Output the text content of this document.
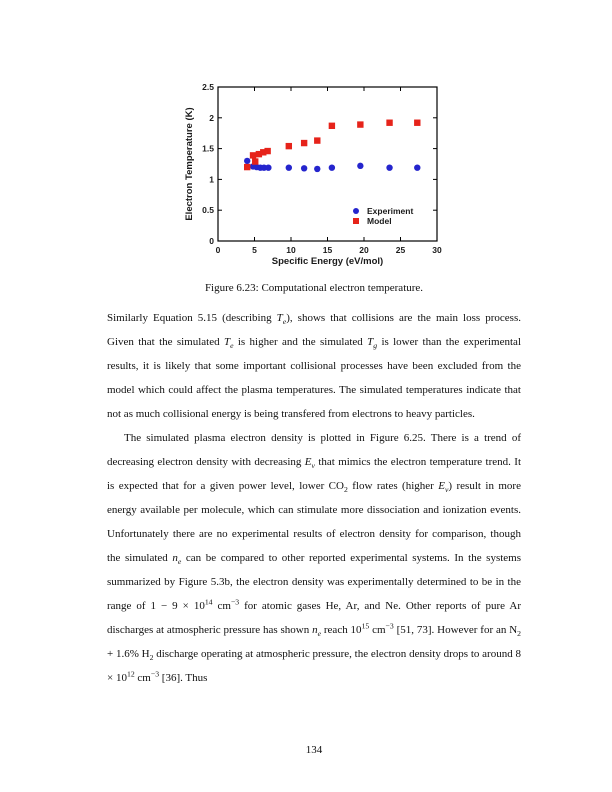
0	5	10	15	20	25	30
0
0.5
1
1.5
2
2.5
Experiment
Model
Specific Energy (eV/mol)
Electron Temperature (K)
Figure 6.23: Computational electron temperature.

Similarly Equation 5.15 (describing $T_e$), shows that collisions are the main loss process. Given that the simulated $T_e$ is higher and the simulated $T_g$ is lower than the experimental results, it is likely that some important collisional processes have been excluded from the model which could affect the plasma temperatures. The simulated temperatures indicate that not as much collisional energy is being transfered from electrons to heavy particles.

The simulated plasma electron density is plotted in Figure 6.25. There is a trend of decreasing electron density with decreasing $E_v$ that mimics the electron temperature trend. It is expected that for a given power level, lower $CO_2$ flow rates (higher $E_v$) result in more energy available per molecule, which can stimulate more dissociation and ionization events. Unfortunately there are no experimental results of electron density for comparison, though the simulated $n_e$ can be compared to other reported experimental systems. In the systems summarized by Figure 5.3b, the electron density was experimentally determined to be in the range of $1 - 9 \times 10^{14}$ $cm^{-3}$ for atomic gases He, Ar, and Ne. Other reports of pure Ar discharges at atmospheric pressure has shown $n_e$ reach $10^{15}$ $cm^{-3}$ [51, 73]. However for an $N_2 + 1.6\%$ $H_2$ discharge operating at atmospheric pressure, the electron density drops to around $8 \times 10^{12}$ $cm^{-3}$ [36]. Thus

134
